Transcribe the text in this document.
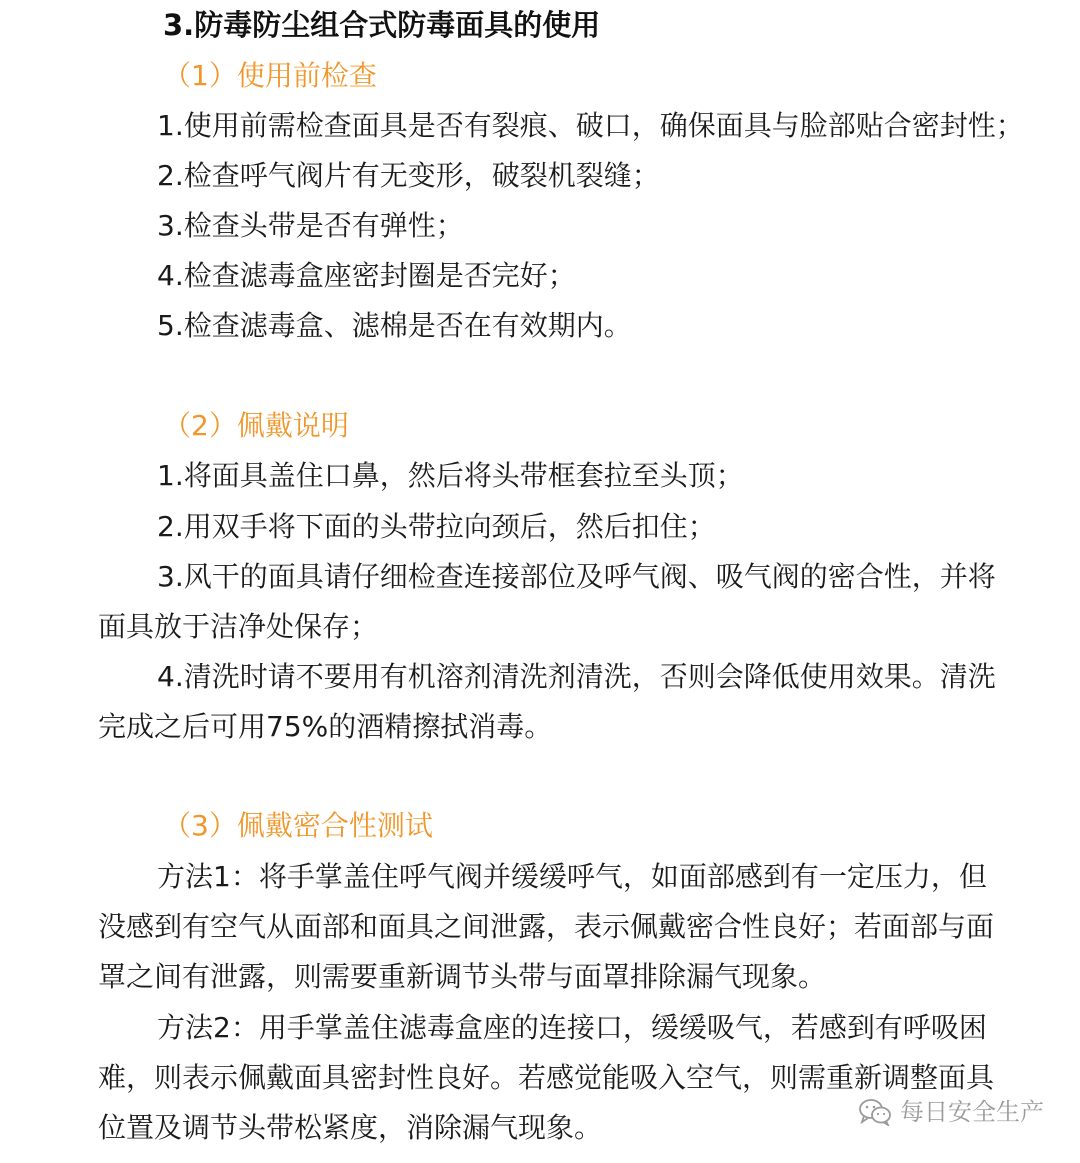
3.防毒防尘组合式防毒面具的使用
（1）使用前检查
1.使用前需检查面具是否有裂痕、破口，确保面具与脸部贴合密封性；
2.检查呼气阀片有无变形，破裂机裂缝；
3.检查头带是否有弹性；
4.检查滤毒盒座密封圈是否完好；
5.检查滤毒盒、滤棉是否在有效期内。
（2）佩戴说明
1.将面具盖住口鼻，然后将头带框套拉至头顶；
2.用双手将下面的头带拉向颈后，然后扣住；
3.风干的面具请仔细检查连接部位及呼气阀、吸气阀的密合性，并将
面具放于洁净处保存；
4.清洗时请不要用有机溶剂清洗剂清洗，否则会降低使用效果。清洗
完成之后可用75%的酒精擦拭消毒。
（3）佩戴密合性测试
方法1：将手掌盖住呼气阀并缓缓呼气，如面部感到有一定压力，但
没感到有空气从面部和面具之间泄露，表示佩戴密合性良好；若面部与面
罩之间有泄露，则需要重新调节头带与面罩排除漏气现象。
方法2：用手掌盖住滤毒盒座的连接口，缓缓吸气，若感到有呼吸困
难，则表示佩戴面具密封性良好。若感觉能吸入空气，则需重新调整面具
位置及调节头带松紧度，消除漏气现象。	每日安全生产
